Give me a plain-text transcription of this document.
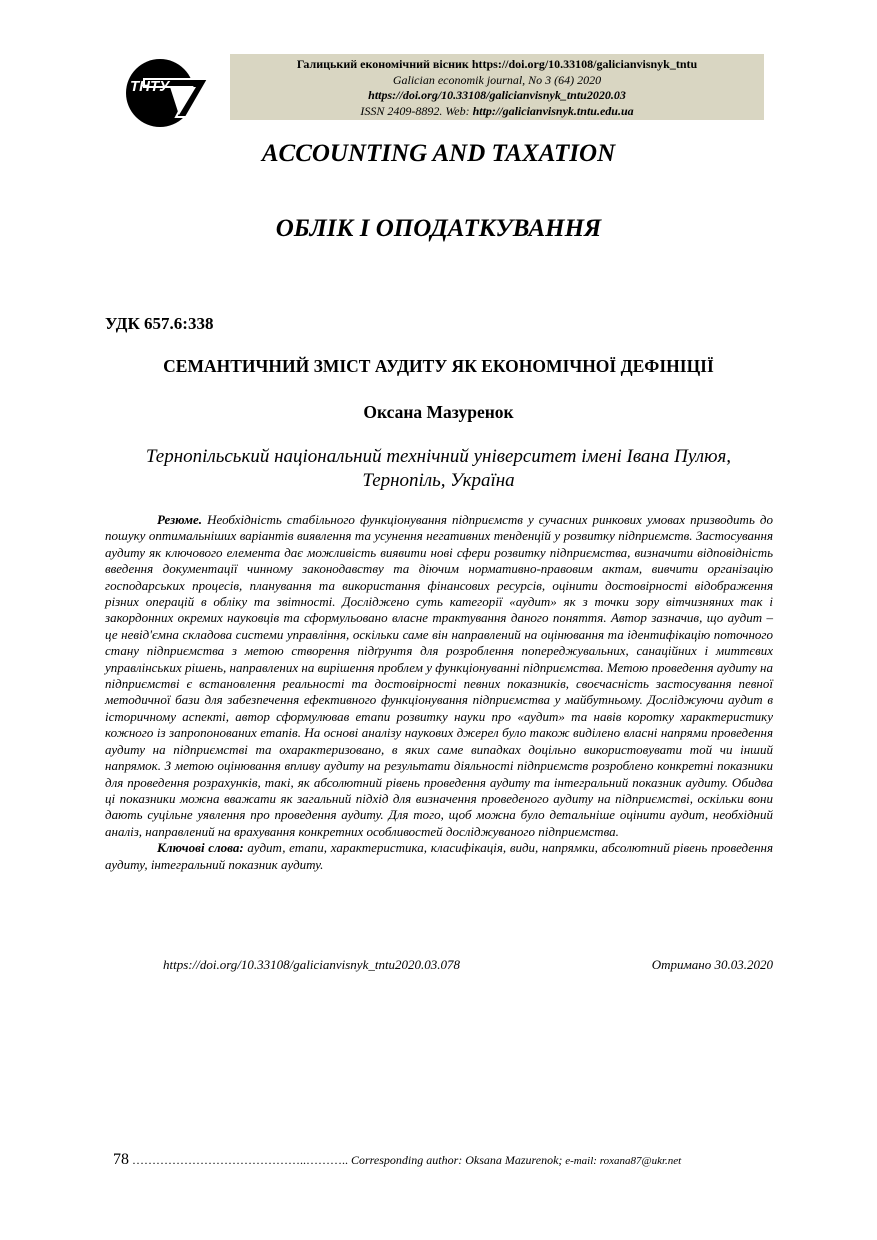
ТНТУ
Галицький економічний вісник https://doi.org/10.33108/galicianvisnyk_tntu
Galician economik journal, No 3 (64) 2020
https://doi.org/10.33108/galicianvisnyk_tntu2020.03
ISSN 2409-8892. Web: http://galicianvisnyk.tntu.edu.ua
ACCOUNTING AND TAXATION
ОБЛІК І ОПОДАТКУВАННЯ
УДК 657.6:338
СЕМАНТИЧНИЙ ЗМІСТ АУДИТУ ЯК ЕКОНОМІЧНОЇ ДЕФІНІЦІЇ
Оксана Мазуренок
Тернопільський національний технічний університет імені Івана Пулюя,
Тернопіль, Україна
Резюме. Необхідність стабільного функціонування підприємств у сучасних ринкових умовах призводить до пошуку оптимальніших варіантів виявлення та усунення негативних тенденцій у розвитку підприємств. Застосування аудиту як ключового елемента дає можливість виявити нові сфери розвитку підприємства, визначити відповідність введення документації чинному законодавству та діючим нормативно-правовим актам, вивчити організацію господарських процесів, планування та використання фінансових ресурсів, оцінити достовірності відображення різних операцій в обліку та звітності. Досліджено суть категорії «аудит» як з точки зору вітчизняних так і закордонних окремих науковців та сформульовано власне трактування даного поняття. Автор зазначив, що аудит – це невід'ємна складова системи управління, оскільки саме він направлений на оцінювання та ідентифікацію поточного стану підприємства з метою створення підґрунтя для розроблення попереджувальних, санаційних і миттєвих управлінських рішень, направлених на вирішення проблем у функціонуванні підприємства. Метою проведення аудиту на підприємстві є встановлення реальності та достовірності певних показників, своєчасність застосування певної методичної бази для забезпечення ефективного функціонування підприємства у майбутньому. Досліджуючи аудит в історичному аспекті, автор сформулював етапи розвитку науки про «аудит» та навів коротку характеристику кожного із запропонованих етапів. На основі аналізу наукових джерел було також виділено власні напрями проведення аудиту на підприємстві та охарактеризовано, в яких саме випадках доцільно використовувати той чи інший напрямок. З метою оцінювання впливу аудиту на результати діяльності підприємств розроблено конкретні показники для проведення розрахунків, такі, як абсолютний рівень проведення аудиту та інтегральний показник аудиту. Обидва ці показники можна вважати як загальний підхід для визначення проведеного аудиту на підприємстві, оскільки вони дають суцільне уявлення про проведення аудиту. Для того, щоб можна було детальніше оцінити аудит, необхідний аналіз, направлений на врахування конкретних особливостей досліджуваного підприємства.
Ключові слова: аудит, етапи, характеристика, класифікація, види, напрямки, абсолютний рівень проведення аудиту, інтегральний показник аудиту.
https://doi.org/10.33108/galicianvisnyk_tntu2020.03.078	Отримано 30.03.2020
78 ……………………………………..……….. Corresponding author: Oksana Mazurenok; e-mail: roxana87@ukr.net
